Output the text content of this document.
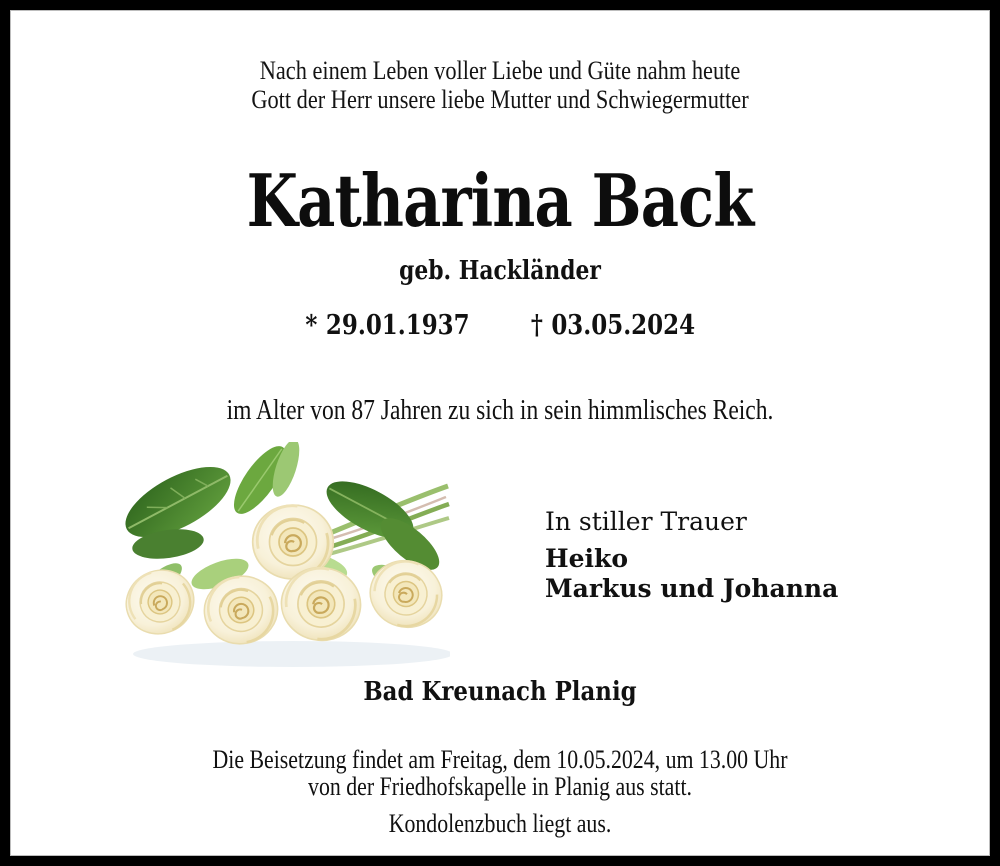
Nach einem Leben voller Liebe und Güte nahm heute
Gott der Herr unsere liebe Mutter und Schwiegermutter
Katharina Back
geb. Hackländer
* 29.01.1937 † 03.05.2024
im Alter von 87 Jahren zu sich in sein himmlisches Reich.
In stiller Trauer
Heiko
Markus und Johanna
Bad Kreunach Planig
Die Beisetzung findet am Freitag, dem 10.05.2024, um 13.00 Uhr
von der Friedhofskapelle in Planig aus statt.
Kondolenzbuch liegt aus.
